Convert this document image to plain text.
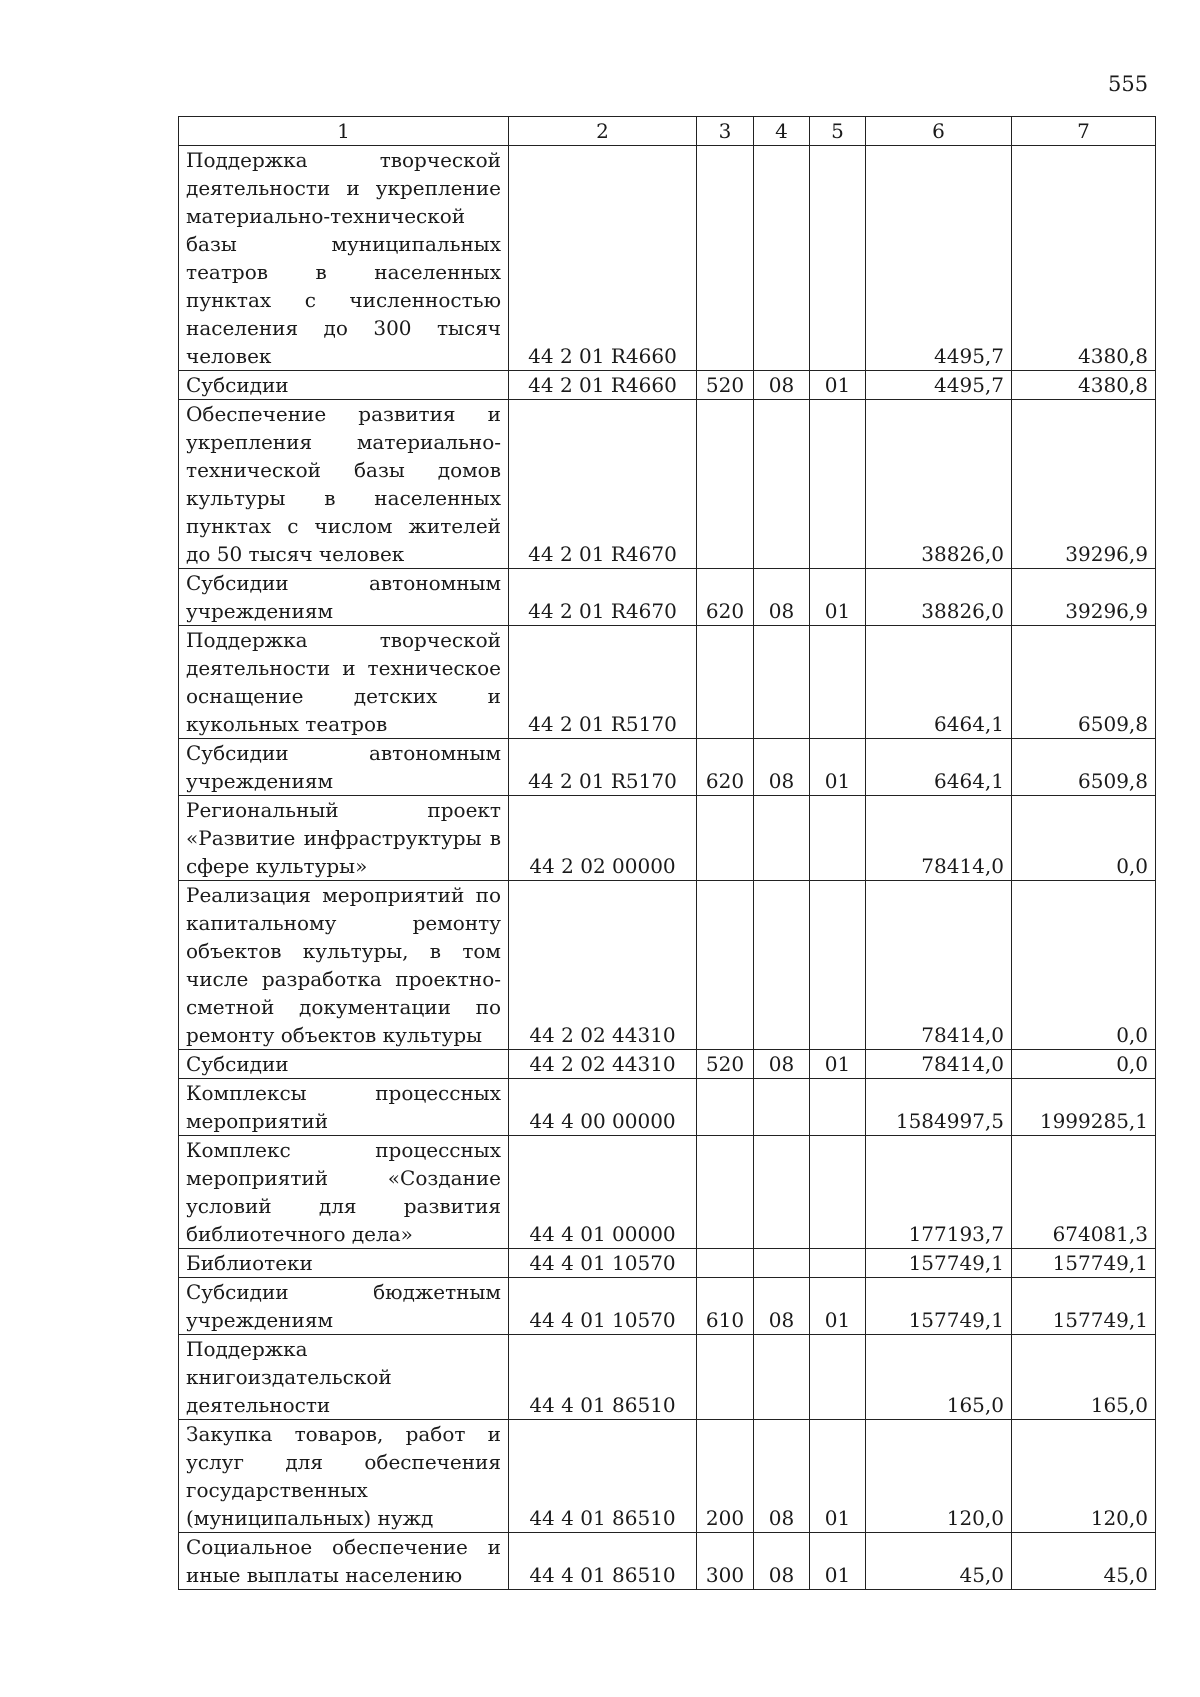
555
1	2	3	4	5	6	7
Поддержка творческой деятельности и укрепление материально-технической базы муниципальных театров в населенных пунктах с численностью населения до 300 тысяч человек	44 2 01 R4660				4495,7	4380,8
Субсидии	44 2 01 R4660	520	08	01	4495,7	4380,8
Обеспечение развития и укрепления материально-технической базы домов культуры в населенных пунктах с числом жителей до 50 тысяч человек	44 2 01 R4670				38826,0	39296,9
Субсидии автономным учреждениям	44 2 01 R4670	620	08	01	38826,0	39296,9
Поддержка творческой деятельности и техническое оснащение детских и кукольных театров	44 2 01 R5170				6464,1	6509,8
Субсидии автономным учреждениям	44 2 01 R5170	620	08	01	6464,1	6509,8
Региональный проект «Развитие инфраструктуры в сфере культуры»	44 2 02 00000				78414,0	0,0
Реализация мероприятий по капитальному ремонту объектов культуры, в том числе разработка проектно-сметной документации по ремонту объектов культуры	44 2 02 44310				78414,0	0,0
Субсидии	44 2 02 44310	520	08	01	78414,0	0,0
Комплексы процессных мероприятий	44 4 00 00000				1584997,5	1999285,1
Комплекс процессных мероприятий «Создание условий для развития библиотечного дела»	44 4 01 00000				177193,7	674081,3
Библиотеки	44 4 01 10570				157749,1	157749,1
Субсидии бюджетным учреждениям	44 4 01 10570	610	08	01	157749,1	157749,1
Поддержка книгоиздательской деятельности	44 4 01 86510				165,0	165,0
Закупка товаров, работ и услуг для обеспечения государственных (муниципальных) нужд	44 4 01 86510	200	08	01	120,0	120,0
Социальное обеспечение и иные выплаты населению	44 4 01 86510	300	08	01	45,0	45,0
